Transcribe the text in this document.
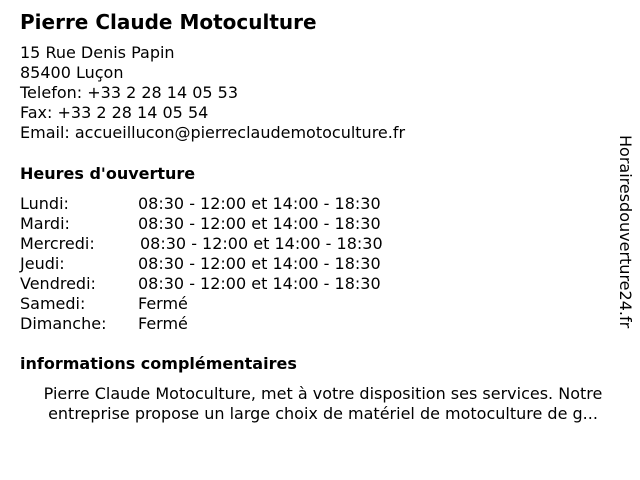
Pierre Claude Motoculture
15 Rue Denis Papin
85400 Luçon
Telefon: +33 2 28 14 05 53
Fax: +33 2 28 14 05 54
Email: accueillucon@pierreclaudemotoculture.fr
Heures d'ouverture
Lundi:	08:30 - 12:00 et 14:00 - 18:30
Mardi:	08:30 - 12:00 et 14:00 - 18:30
Mercredi:	08:30 - 12:00 et 14:00 - 18:30
Jeudi:	08:30 - 12:00 et 14:00 - 18:30
Vendredi:	08:30 - 12:00 et 14:00 - 18:30
Samedi:	Fermé
Dimanche:	Fermé
informations complémentaires
Pierre Claude Motoculture, met à votre disposition ses services. Notre
entreprise propose un large choix de matériel de motoculture de g...
Horairesdouverture24.fr
